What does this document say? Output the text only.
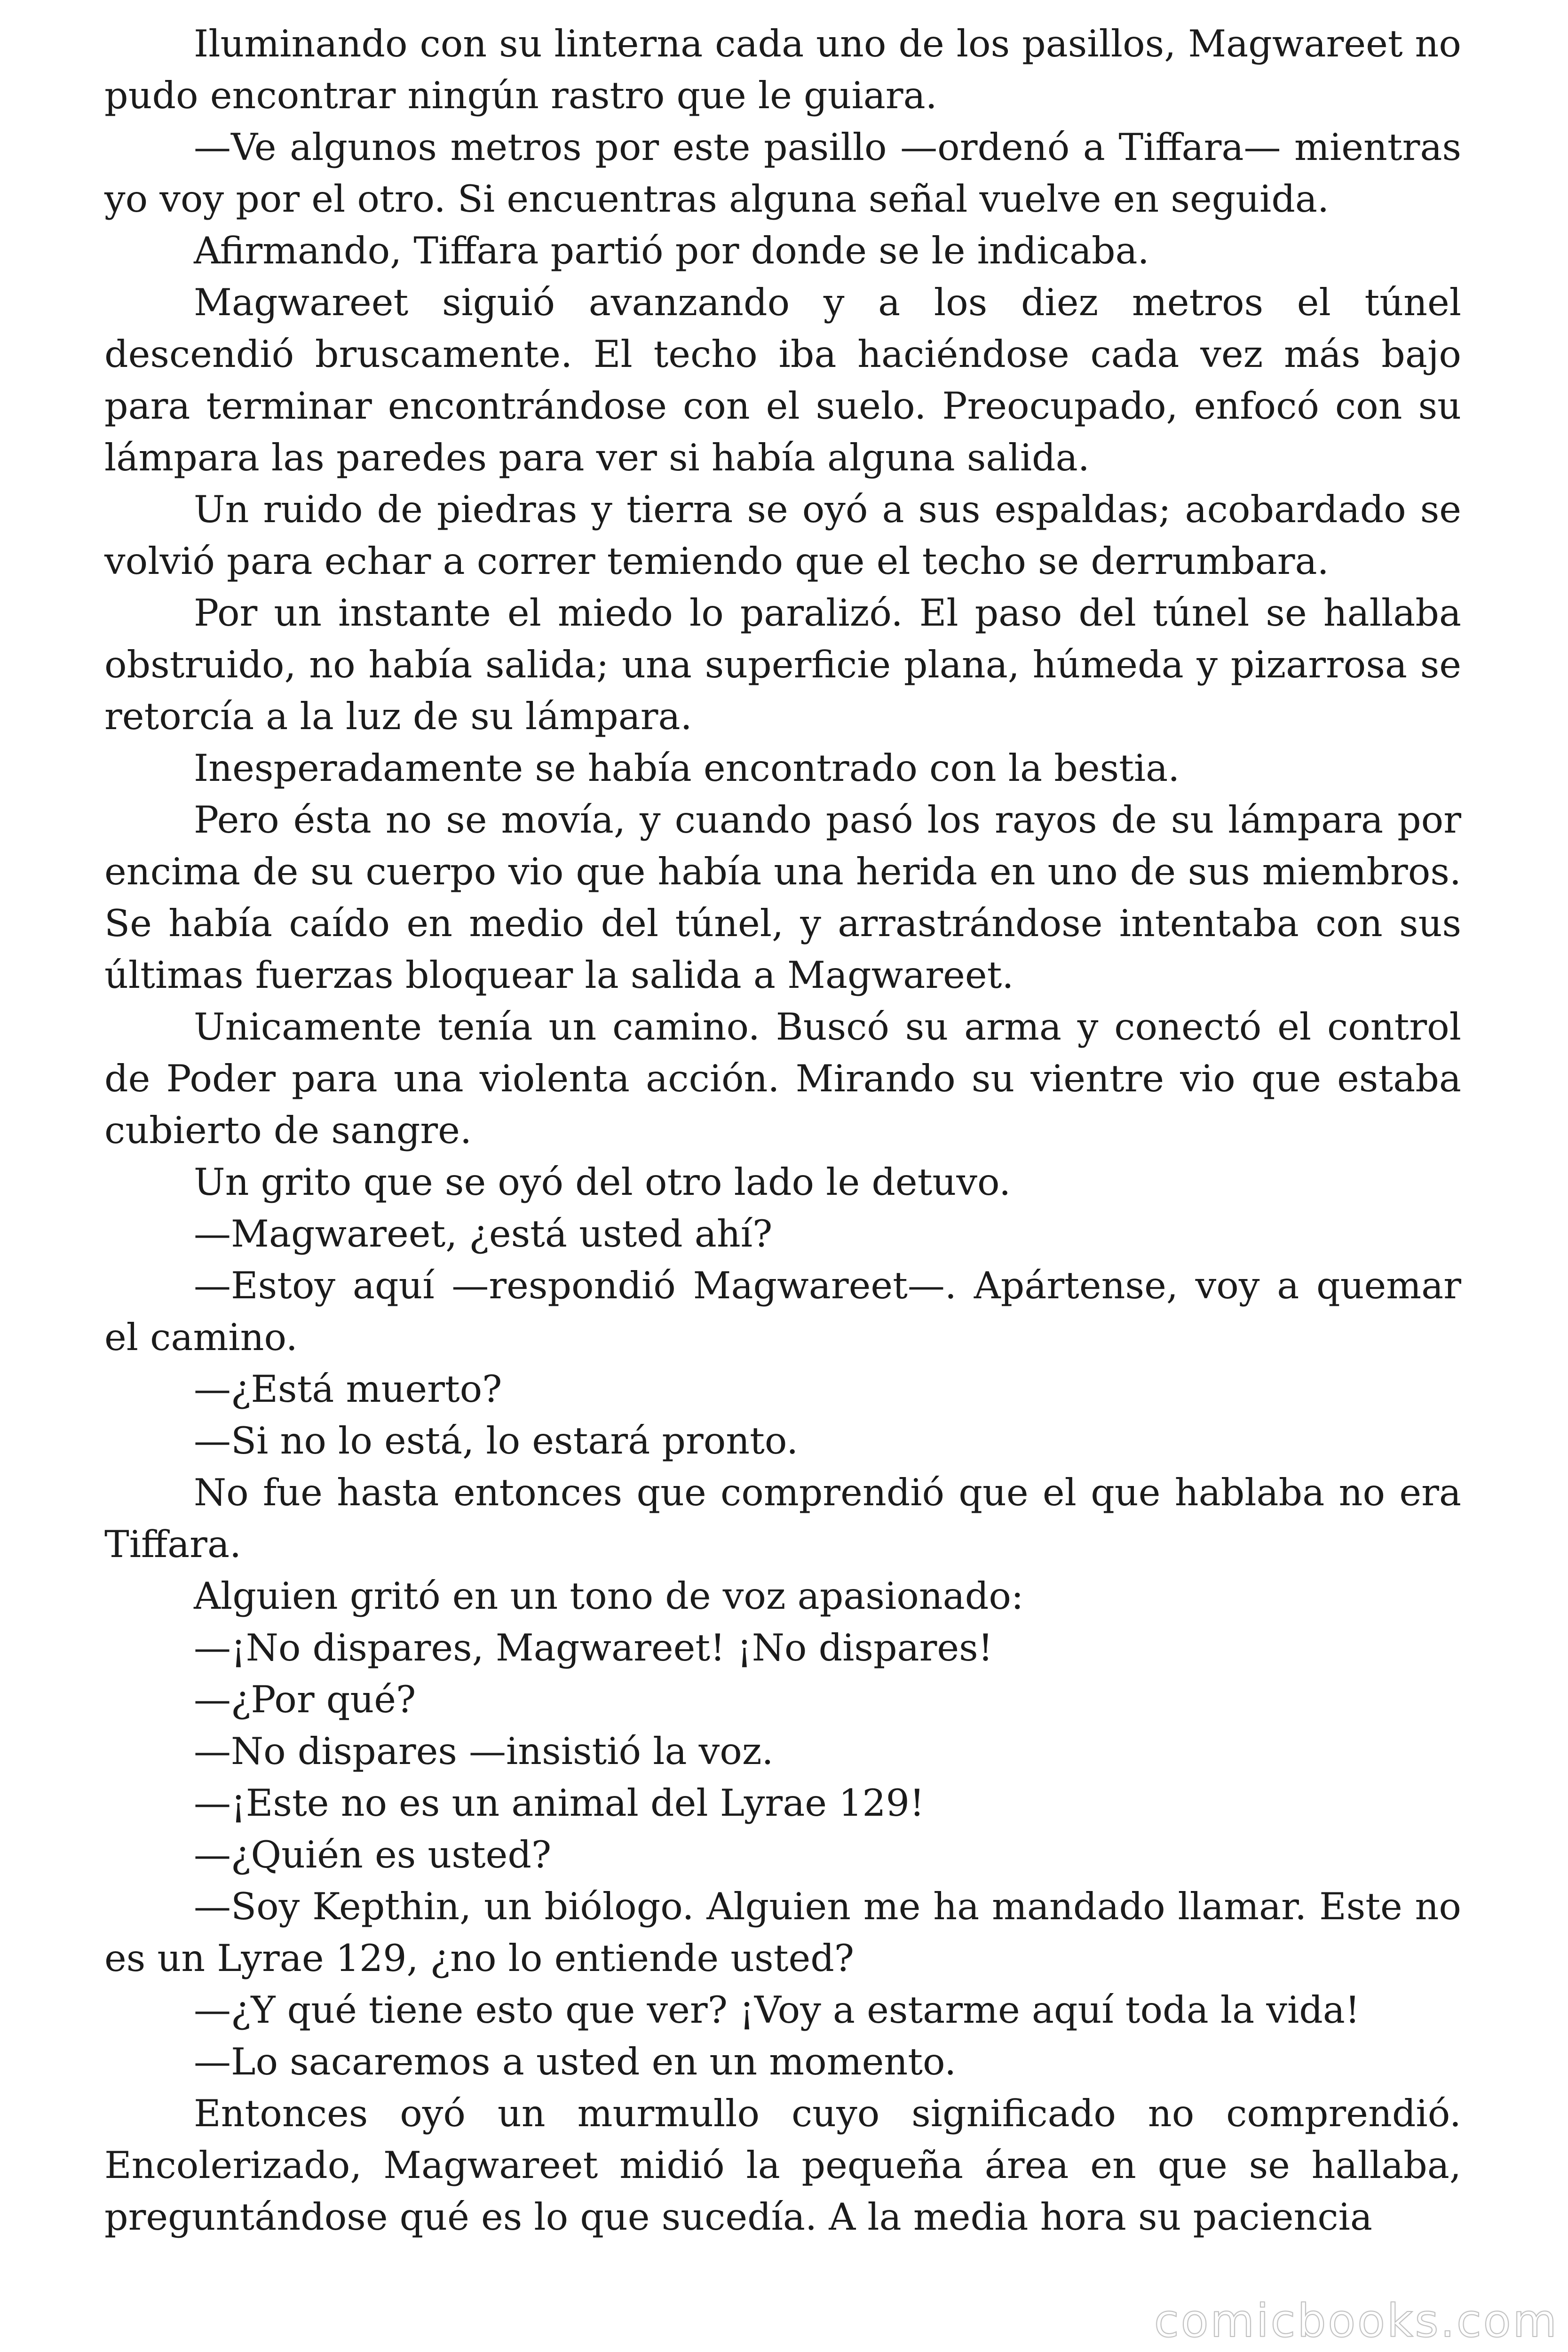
Iluminando con su linterna cada uno de los pasillos, Magwareet no pudo encontrar ningún rastro que le guiara.

—Ve algunos metros por este pasillo —ordenó a Tiffara— mientras yo voy por el otro. Si encuentras alguna señal vuelve en seguida.

Afirmando, Tiffara partió por donde se le indicaba.

Magwareet siguió avanzando y a los diez metros el túnel descendió bruscamente. El techo iba haciéndose cada vez más bajo para terminar encontrándose con el suelo. Preocupado, enfocó con su lámpara las paredes para ver si había alguna salida.

Un ruido de piedras y tierra se oyó a sus espaldas; acobardado se volvió para echar a correr temiendo que el techo se derrumbara.

Por un instante el miedo lo paralizó. El paso del túnel se hallaba obstruido, no había salida; una superficie plana, húmeda y pizarrosa se retorcía a la luz de su lámpara.

Inesperadamente se había encontrado con la bestia.

Pero ésta no se movía, y cuando pasó los rayos de su lámpara por encima de su cuerpo vio que había una herida en uno de sus miembros. Se había caído en medio del túnel, y arrastrándose intentaba con sus últimas fuerzas bloquear la salida a Magwareet.

Unicamente tenía un camino. Buscó su arma y conectó el control de Poder para una violenta acción. Mirando su vientre vio que estaba cubierto de sangre.

Un grito que se oyó del otro lado le detuvo.

—Magwareet, ¿está usted ahí?

—Estoy aquí —respondió Magwareet—. Apártense, voy a quemar el camino.

—¿Está muerto?

—Si no lo está, lo estará pronto.

No fue hasta entonces que comprendió que el que hablaba no era Tiffara.

Alguien gritó en un tono de voz apasionado:

—¡No dispares, Magwareet! ¡No dispares!

—¿Por qué?

—No dispares —insistió la voz.

—¡Este no es un animal del Lyrae 129!

—¿Quién es usted?

—Soy Kepthin, un biólogo. Alguien me ha mandado llamar. Este no es un Lyrae 129, ¿no lo entiende usted?

—¿Y qué tiene esto que ver? ¡Voy a estarme aquí toda la vida!

—Lo sacaremos a usted en un momento.

Entonces oyó un murmullo cuyo significado no comprendió. Encolerizado, Magwareet midió la pequeña área en que se hallaba, preguntándose qué es lo que sucedía. A la media hora su paciencia

comicbooks.com
